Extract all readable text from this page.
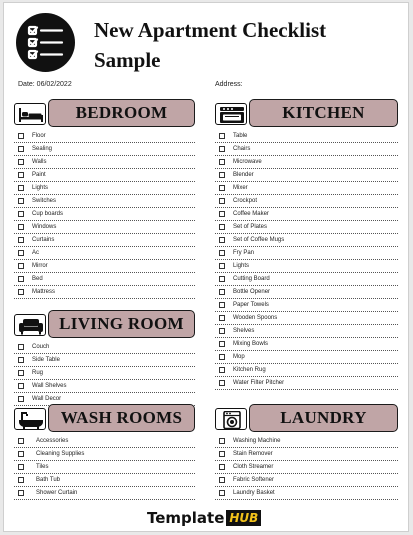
New Apartment Checklist Sample
Date: 06/02/2022	Address:
BEDROOM
Floor
Sealing
Walls
Paint
Lights
Switches
Cup boards
Windows
Curtains
Ac
Mirror
Bed
Mattress
KITCHEN
Table
Chairs
Microwave
Blender
Mixer
Crockpot
Coffee Maker
Set of Plates
Set of Coffee Mugs
Fry Pan
Lights
Cutting Board
Bottle Opener
Paper Towels
Wooden Spoons
Shelves
Mixing Bowls
Mop
Kitchen Rug
Water Filter Pitcher
LIVING ROOM
Couch
Side Table
Rug
Wall Shelves
Wall Decor
WASH ROOMS
Accessories
Cleaning Supplies
Tiles
Bath Tub
Shower Curtain
LAUNDRY
Washing Machine
Stain Remover
Cloth Streamer
Fabric Softener
Laundry Basket
Template HUB
